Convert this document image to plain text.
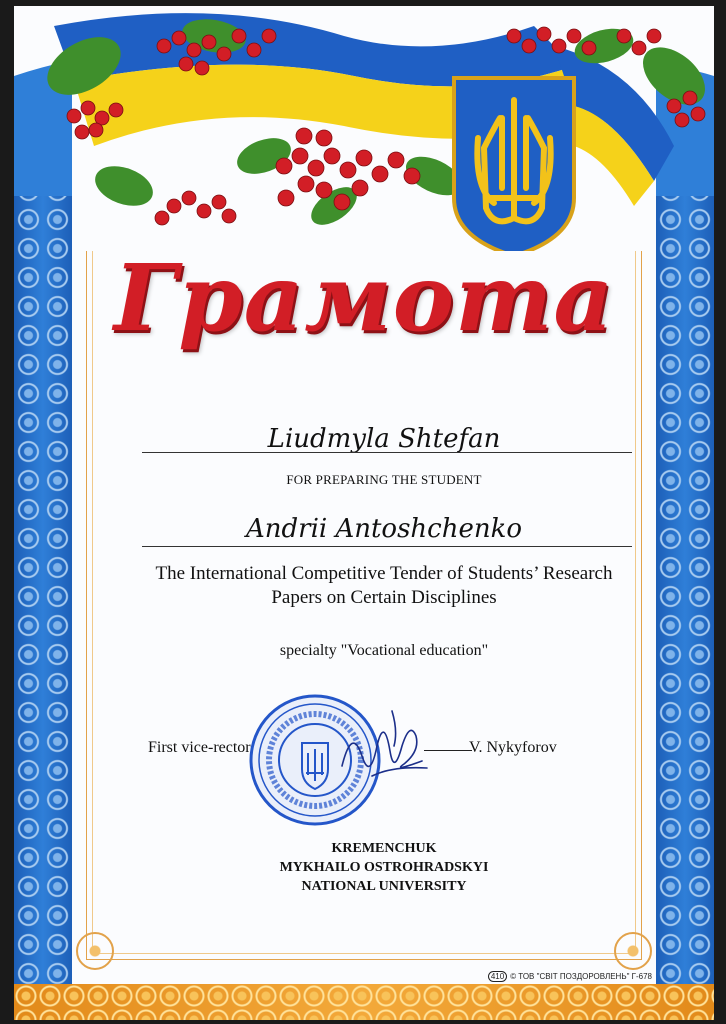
Грамота
Liudmyla Shtefan
FOR PREPARING THE STUDENT
Andrii Antoshchenko
The International Competitive Tender of Students’ Research
Papers on Certain Disciplines
specialty "Vocational education"
First vice-rector	V. Nykyforov
KREMENCHUK
MYKHAILO OSTROHRADSKYI
NATIONAL UNIVERSITY
410 © ТОВ "СВІТ ПОЗДОРОВЛЕНЬ" Г-678
